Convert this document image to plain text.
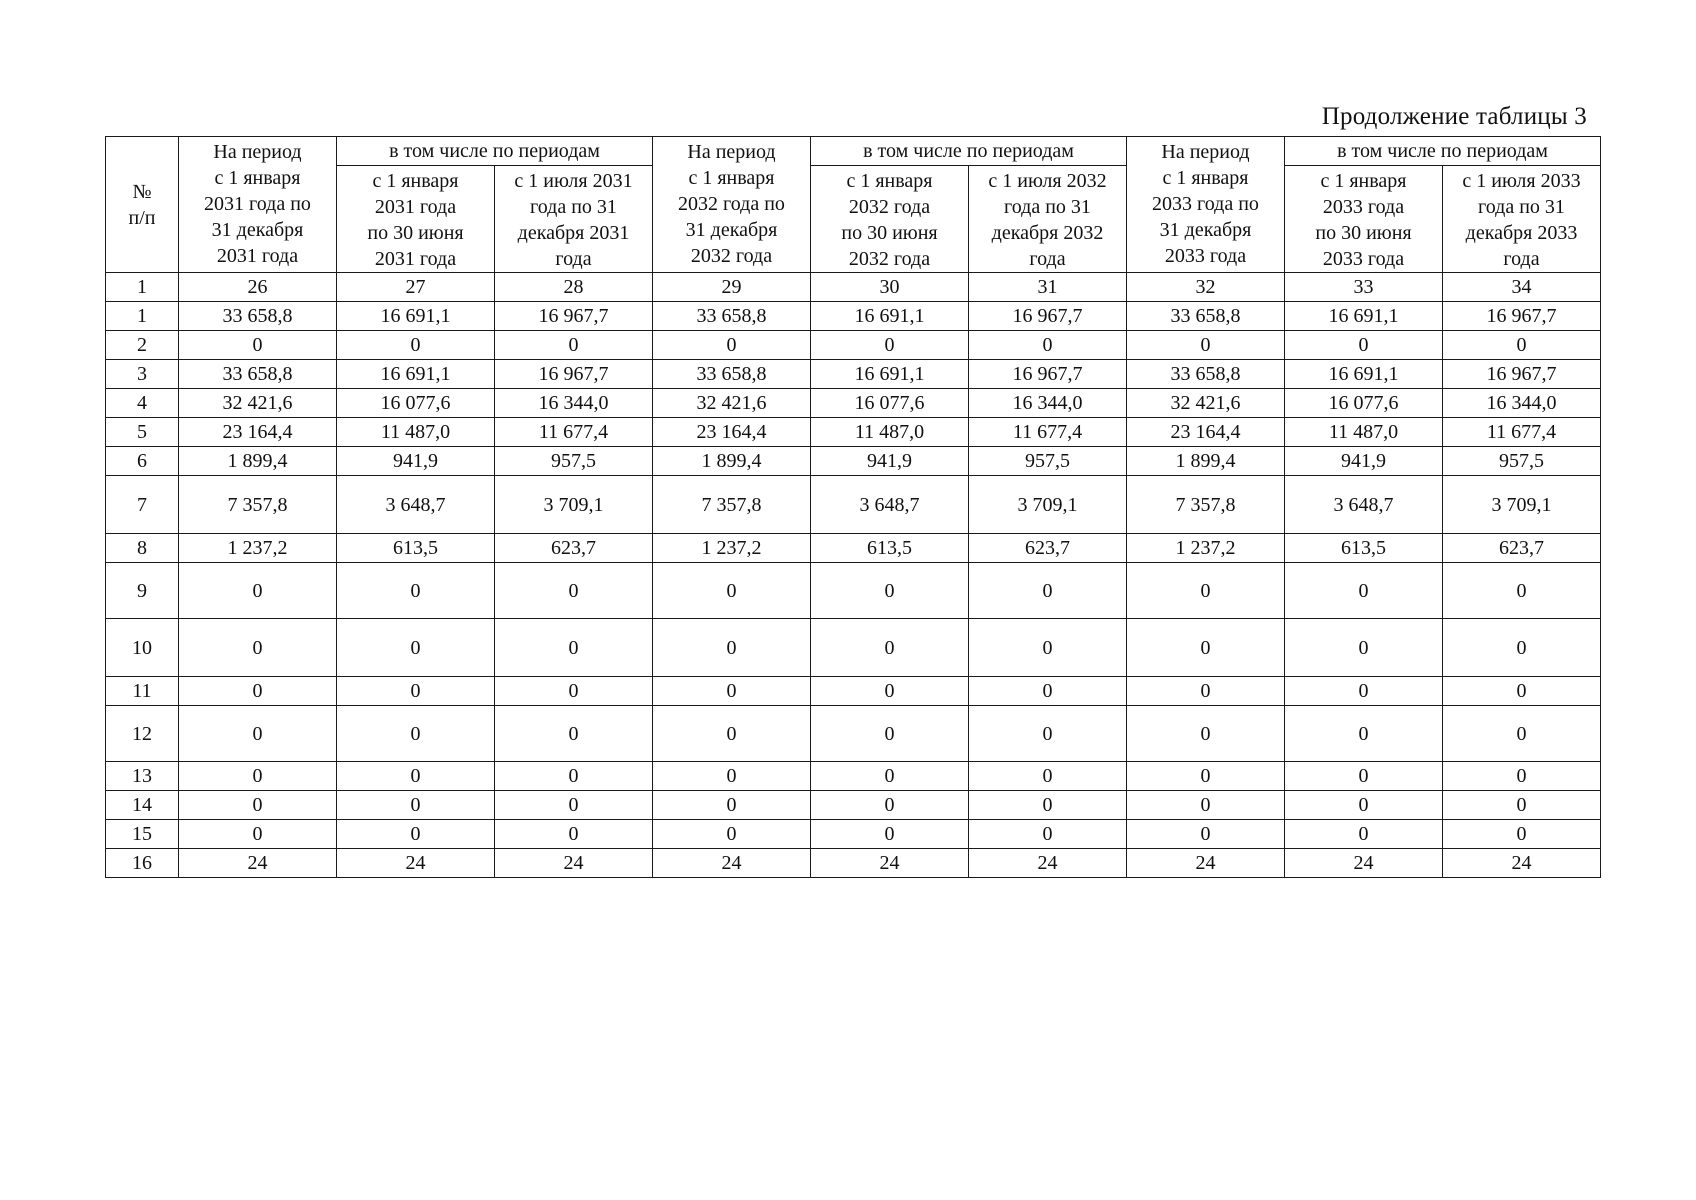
Продолжение таблицы 3
№
п/п	На период
с 1 января
2031 года по
31 декабря
2031 года	в том числе по периодам		На период
с 1 января
2032 года по
31 декабря
2032 года	в том числе по периодам		На период
с 1 января
2033 года по
31 декабря
2033 года	в том числе по периодам	

		с 1 января
2031 года
по 30 июня
2031 года	с 1 июля 2031
года по 31
декабря 2031
года		с 1 января
2032 года
по 30 июня
2032 года	с 1 июля 2032
года по 31
декабря 2032
года		с 1 января
2033 года
по 30 июня
2033 года	с 1 июля 2033
года по 31
декабря 2033
года

1	26	27	28	29	30	31	32	33	34
1	33 658,8	16 691,1	16 967,7	33 658,8	16 691,1	16 967,7	33 658,8	16 691,1	16 967,7
2	0	0	0	0	0	0	0	0	0
3	33 658,8	16 691,1	16 967,7	33 658,8	16 691,1	16 967,7	33 658,8	16 691,1	16 967,7
4	32 421,6	16 077,6	16 344,0	32 421,6	16 077,6	16 344,0	32 421,6	16 077,6	16 344,0
5	23 164,4	11 487,0	11 677,4	23 164,4	11 487,0	11 677,4	23 164,4	11 487,0	11 677,4
6	1 899,4	941,9	957,5	1 899,4	941,9	957,5	1 899,4	941,9	957,5
7	7 357,8	3 648,7	3 709,1	7 357,8	3 648,7	3 709,1	7 357,8	3 648,7	3 709,1
8	1 237,2	613,5	623,7	1 237,2	613,5	623,7	1 237,2	613,5	623,7
9	0	0	0	0	0	0	0	0	0
10	0	0	0	0	0	0	0	0	0
11	0	0	0	0	0	0	0	0	0
12	0	0	0	0	0	0	0	0	0
13	0	0	0	0	0	0	0	0	0
14	0	0	0	0	0	0	0	0	0
15	0	0	0	0	0	0	0	0	0
16	24	24	24	24	24	24	24	24	24
